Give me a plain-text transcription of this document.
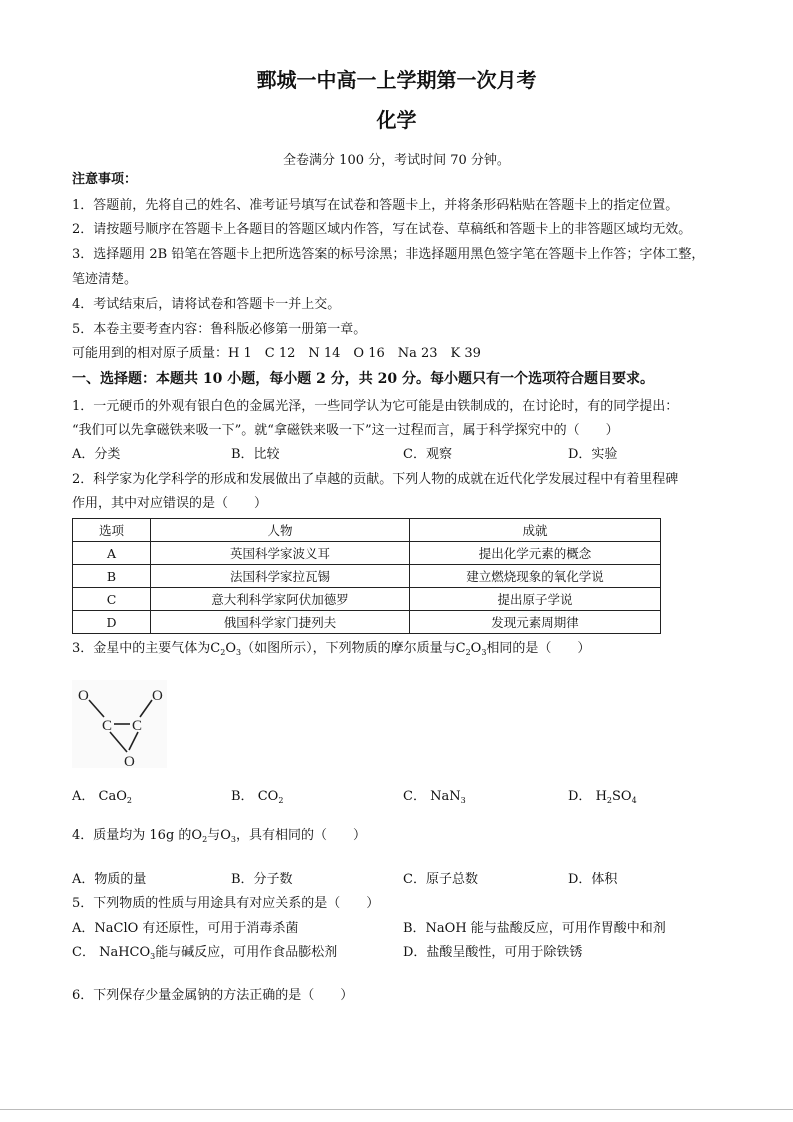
鄄城一中高一上学期第一次月考
化学
全卷满分 100 分，考试时间 70 分钟。
注意事项：
1．答题前，先将自己的姓名、准考证号填写在试卷和答题卡上，并将条形码粘贴在答题卡上的指定位置。
2．请按题号顺序在答题卡上各题目的答题区域内作答，写在试卷、草稿纸和答题卡上的非答题区域均无效。
3．选择题用 2B 铅笔在答题卡上把所选答案的标号涂黑；非选择题用黑色签字笔在答题卡上作答；字体工整，
笔迹清楚。
4．考试结束后，请将试卷和答题卡一并上交。
5．本卷主要考查内容：鲁科版必修第一册第一章。
可能用到的相对原子质量：H 1　C 12　N 14　O 16　Na 23　K 39
一、选择题：本题共 10 小题，每小题 2 分，共 20 分。每小题只有一个选项符合题目要求。
1．一元硬币的外观有银白色的金属光泽，一些同学认为它可能是由铁制成的，在讨论时，有的同学提出：
“我们可以先拿磁铁来吸一下”。就“拿磁铁来吸一下”这一过程而言，属于科学探究中的（　　）
A．分类	B．比较	C．观察	D．实验
2．科学家为化学科学的形成和发展做出了卓越的贡献。下列人物的成就在近代化学发展过程中有着里程碑
作用，其中对应错误的是（　　）
选项	人物	成就
A	英国科学家波义耳	提出化学元素的概念
B	法国科学家拉瓦锡	建立燃烧现象的氧化学说
C	意大利科学家阿伏加德罗	提出原子学说
D	俄国科学家门捷列夫	发现元素周期律
3．金星中的主要气体为$C_2O_3$（如图所示），下列物质的摩尔质量与$C_2O_3$相同的是（　　）
O	O
C C
O
A． CaO$_2$	B． $CO_2$	C． NaN$_3$	D． $H_2SO_4$
4．质量均为 16g 的$O_2$与$O_3$，具有相同的（　　）
A．物质的量	B．分子数	C．原子总数	D．体积
5．下列物质的性质与用途具有对应关系的是（　　）
A．NaClO 有还原性，可用于消毒杀菌	B．NaOH 能与盐酸反应，可用作胃酸中和剂
C． NaHCO$_3$能与碱反应，可用作食品膨松剂	D．盐酸呈酸性，可用于除铁锈
6．下列保存少量金属钠的方法正确的是（　　）
